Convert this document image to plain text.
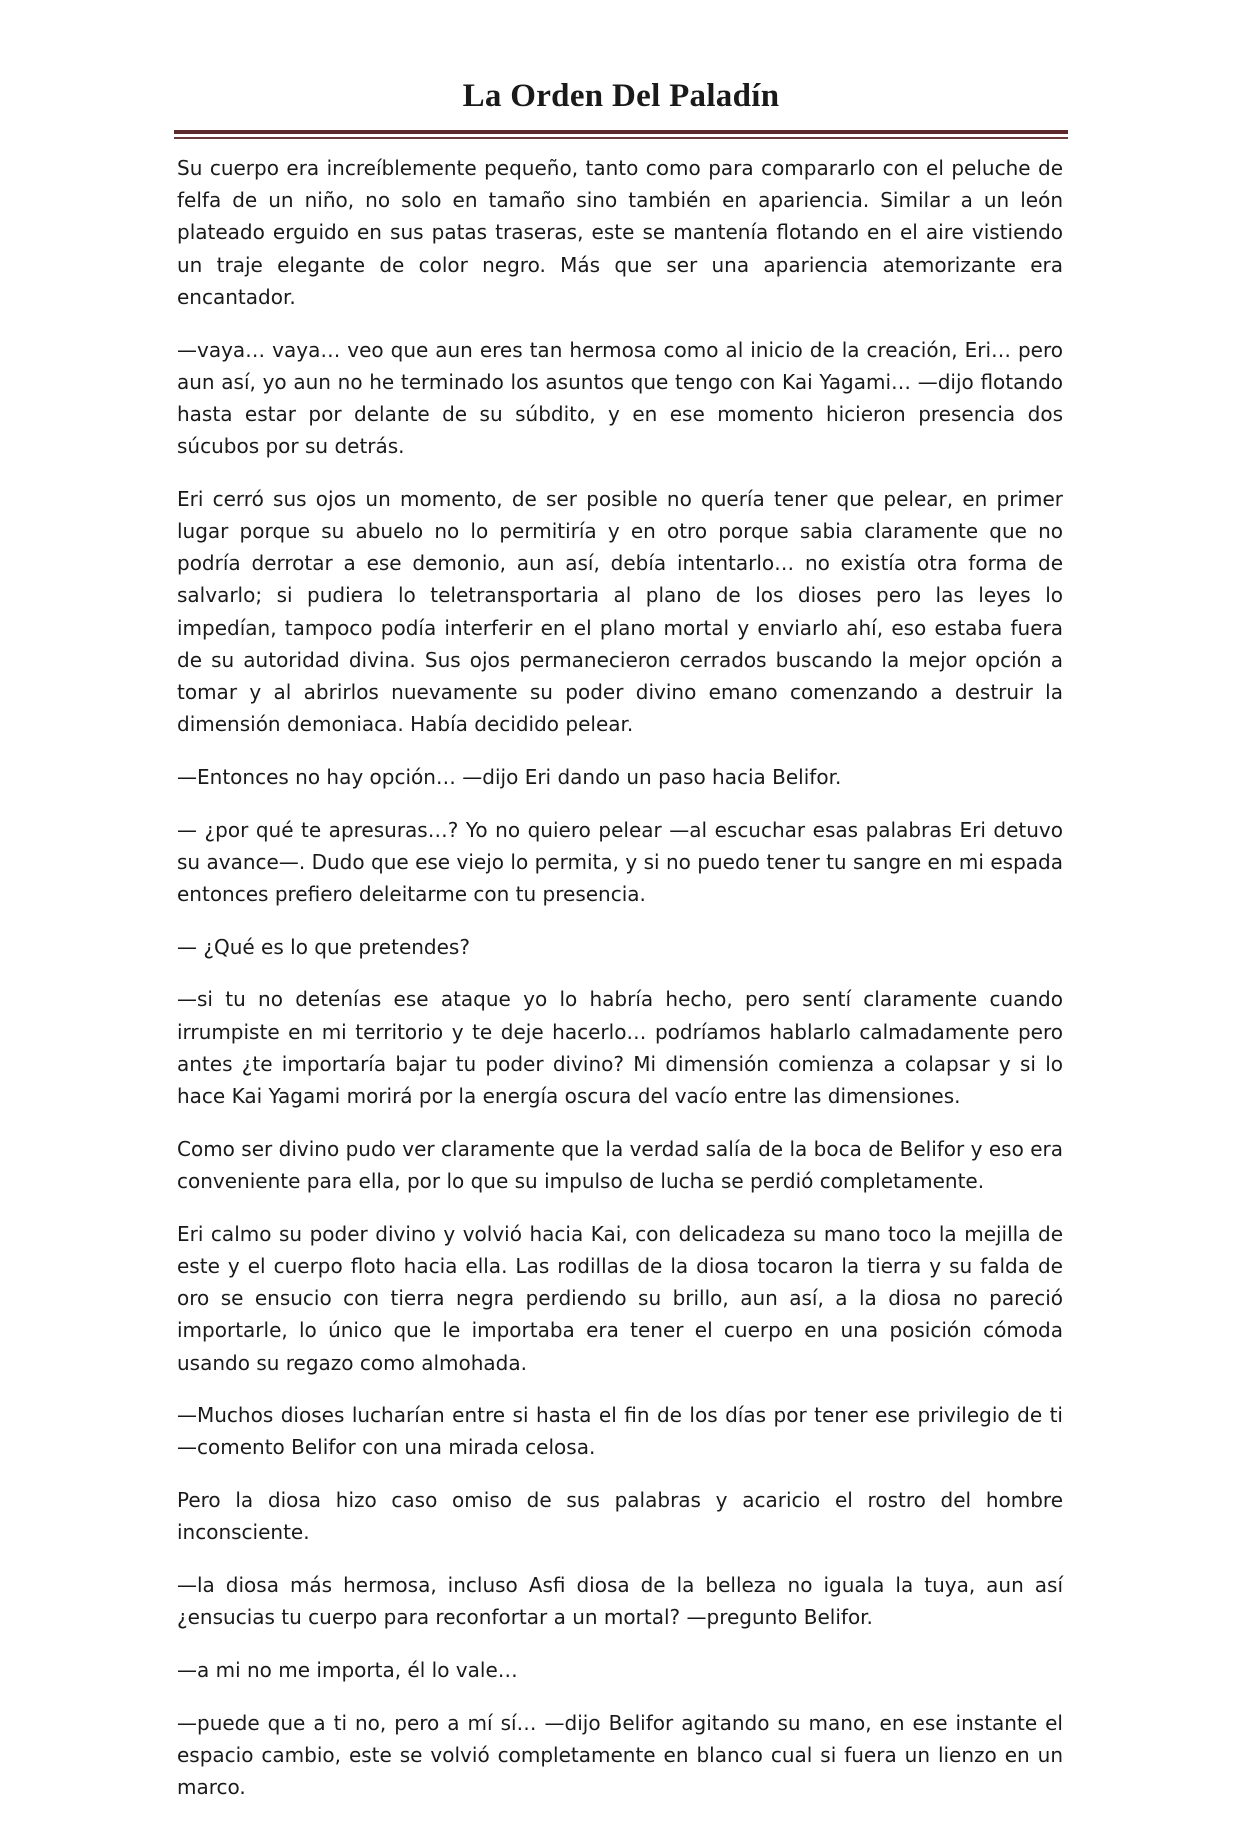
La Orden Del Paladín

Su cuerpo era increíblemente pequeño, tanto como para compararlo con el peluche de felfa de un niño, no solo en tamaño sino también en apariencia. Similar a un león plateado erguido en sus patas traseras, este se mantenía flotando en el aire vistiendo un traje elegante de color negro. Más que ser una apariencia atemorizante era encantador.

—vaya… vaya… veo que aun eres tan hermosa como al inicio de la creación, Eri… pero aun así, yo aun no he terminado los asuntos que tengo con Kai Yagami… —dijo flotando hasta estar por delante de su súbdito, y en ese momento hicieron presencia dos súcubos por su detrás.

Eri cerró sus ojos un momento, de ser posible no quería tener que pelear, en primer lugar porque su abuelo no lo permitiría y en otro porque sabia claramente que no podría derrotar a ese demonio, aun así, debía intentarlo… no existía otra forma de salvarlo; si pudiera lo teletransportaria al plano de los dioses pero las leyes lo impedían, tampoco podía interferir en el plano mortal y enviarlo ahí, eso estaba fuera de su autoridad divina. Sus ojos permanecieron cerrados buscando la mejor opción a tomar y al abrirlos nuevamente su poder divino emano comenzando a destruir la dimensión demoniaca. Había decidido pelear.

—Entonces no hay opción… —dijo Eri dando un paso hacia Belifor.

— ¿por qué te apresuras…? Yo no quiero pelear —al escuchar esas palabras Eri detuvo su avance—. Dudo que ese viejo lo permita, y si no puedo tener tu sangre en mi espada entonces prefiero deleitarme con tu presencia.

— ¿Qué es lo que pretendes?

—si tu no detenías ese ataque yo lo habría hecho, pero sentí claramente cuando irrumpiste en mi territorio y te deje hacerlo… podríamos hablarlo calmadamente pero antes ¿te importaría bajar tu poder divino? Mi dimensión comienza a colapsar y si lo hace Kai Yagami morirá por la energía oscura del vacío entre las dimensiones.

Como ser divino pudo ver claramente que la verdad salía de la boca de Belifor y eso era conveniente para ella, por lo que su impulso de lucha se perdió completamente.

Eri calmo su poder divino y volvió hacia Kai, con delicadeza su mano toco la mejilla de este y el cuerpo floto hacia ella. Las rodillas de la diosa tocaron la tierra y su falda de oro se ensucio con tierra negra perdiendo su brillo, aun así, a la diosa no pareció importarle, lo único que le importaba era tener el cuerpo en una posición cómoda usando su regazo como almohada.

—Muchos dioses lucharían entre si hasta el fin de los días por tener ese privilegio de ti —comento Belifor con una mirada celosa.

Pero la diosa hizo caso omiso de sus palabras y acaricio el rostro del hombre inconsciente.

—la diosa más hermosa, incluso Asfi diosa de la belleza no iguala la tuya, aun así ¿ensucias tu cuerpo para reconfortar a un mortal? —pregunto Belifor.

—a mi no me importa, él lo vale…

—puede que a ti no, pero a mí sí… —dijo Belifor agitando su mano, en ese instante el espacio cambio, este se volvió completamente en blanco cual si fuera un lienzo en un marco.
